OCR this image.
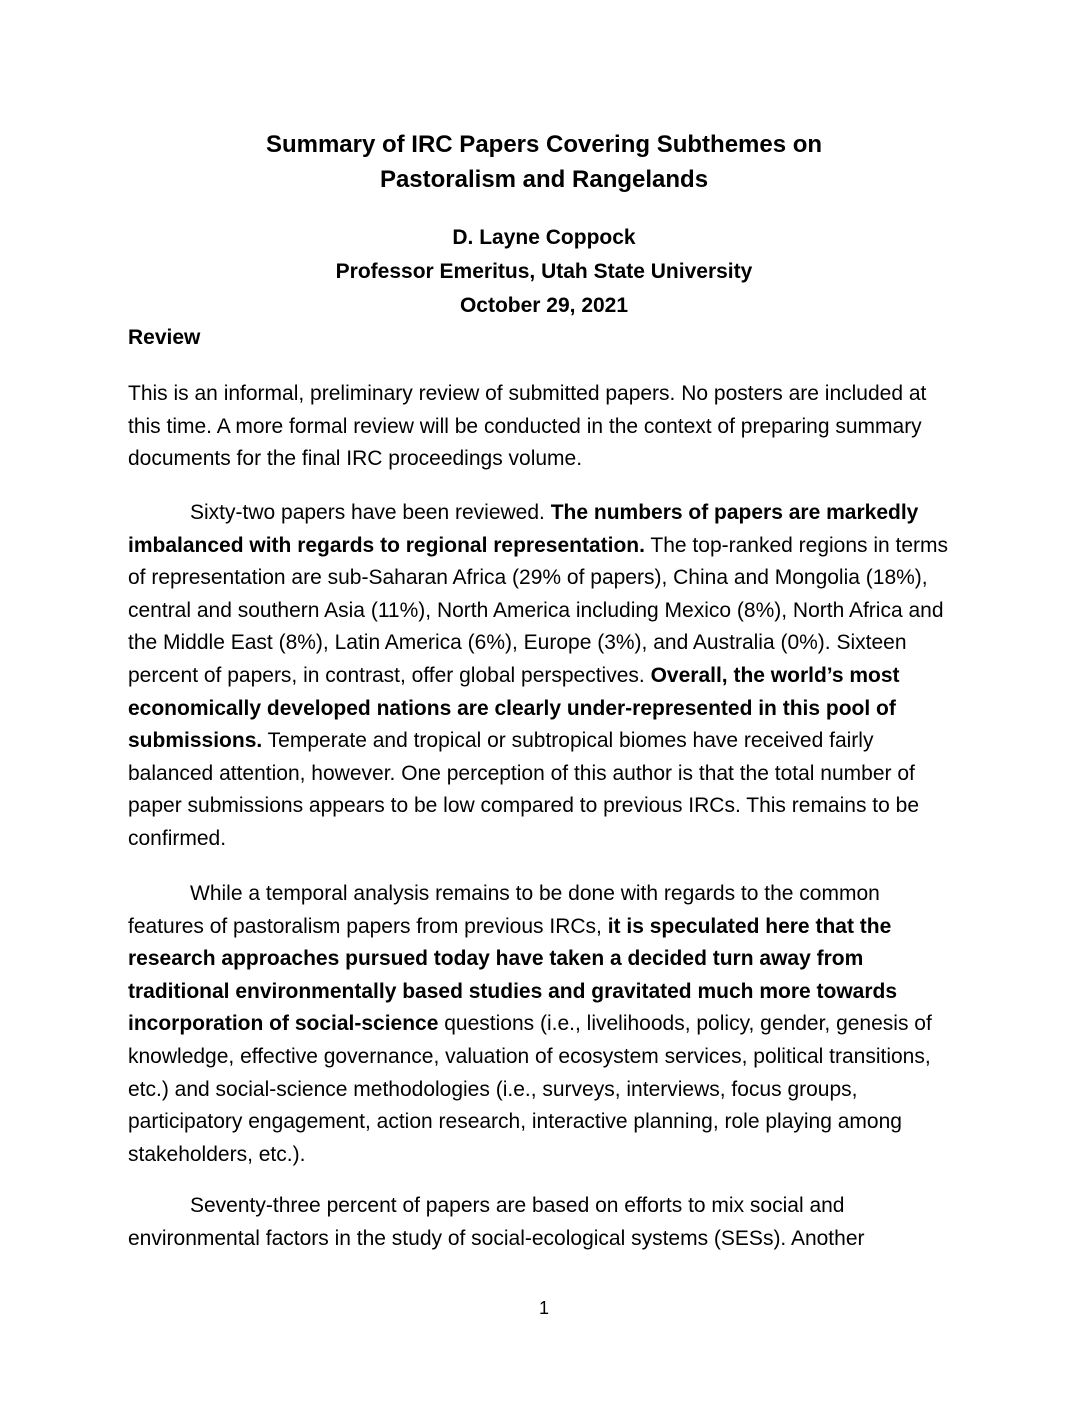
Summary of IRC Papers Covering Subthemes on
Pastoralism and Rangelands
D. Layne Coppock
Professor Emeritus, Utah State University
October 29, 2021
Review

This is an informal, preliminary review of submitted papers. No posters are included at this time. A more formal review will be conducted in the context of preparing summary documents for the final IRC proceedings volume.

Sixty-two papers have been reviewed. The numbers of papers are markedly imbalanced with regards to regional representation. The top-ranked regions in terms of representation are sub-Saharan Africa (29% of papers), China and Mongolia (18%), central and southern Asia (11%), North America including Mexico (8%), North Africa and the Middle East (8%), Latin America (6%), Europe (3%), and Australia (0%). Sixteen percent of papers, in contrast, offer global perspectives. Overall, the world’s most economically developed nations are clearly under-represented in this pool of submissions. Temperate and tropical or subtropical biomes have received fairly balanced attention, however. One perception of this author is that the total number of paper submissions appears to be low compared to previous IRCs. This remains to be confirmed.

While a temporal analysis remains to be done with regards to the common features of pastoralism papers from previous IRCs, it is speculated here that the research approaches pursued today have taken a decided turn away from traditional environmentally based studies and gravitated much more towards incorporation of social-science questions (i.e., livelihoods, policy, gender, genesis of knowledge, effective governance, valuation of ecosystem services, political transitions, etc.) and social-science methodologies (i.e., surveys, interviews, focus groups, participatory engagement, action research, interactive planning, role playing among stakeholders, etc.).

Seventy-three percent of papers are based on efforts to mix social and environmental factors in the study of social-ecological systems (SESs). Another

1
